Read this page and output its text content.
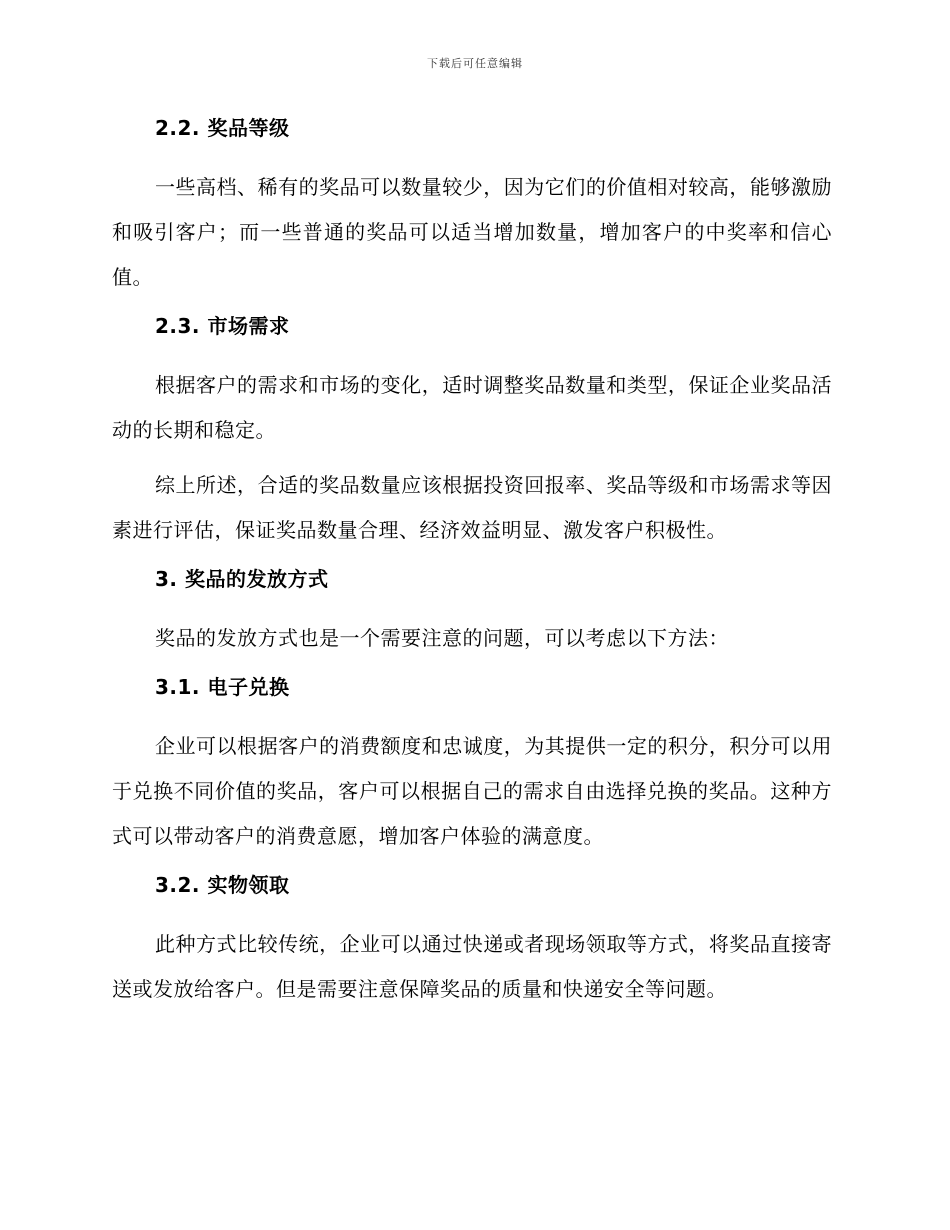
下载后可任意编辑
2.2. 奖品等级

一些高档、稀有的奖品可以数量较少，因为它们的价值相对较高，能够激励和吸引客户；而一些普通的奖品可以适当增加数量，增加客户的中奖率和信心值。

2.3. 市场需求

根据客户的需求和市场的变化，适时调整奖品数量和类型，保证企业奖品活动的长期和稳定。

综上所述，合适的奖品数量应该根据投资回报率、奖品等级和市场需求等因素进行评估，保证奖品数量合理、经济效益明显、激发客户积极性。

3. 奖品的发放方式

奖品的发放方式也是一个需要注意的问题，可以考虑以下方法：

3.1. 电子兑换

企业可以根据客户的消费额度和忠诚度，为其提供一定的积分，积分可以用于兑换不同价值的奖品，客户可以根据自己的需求自由选择兑换的奖品。这种方式可以带动客户的消费意愿，增加客户体验的满意度。

3.2. 实物领取

此种方式比较传统，企业可以通过快递或者现场领取等方式，将奖品直接寄送或发放给客户。但是需要注意保障奖品的质量和快递安全等问题。
